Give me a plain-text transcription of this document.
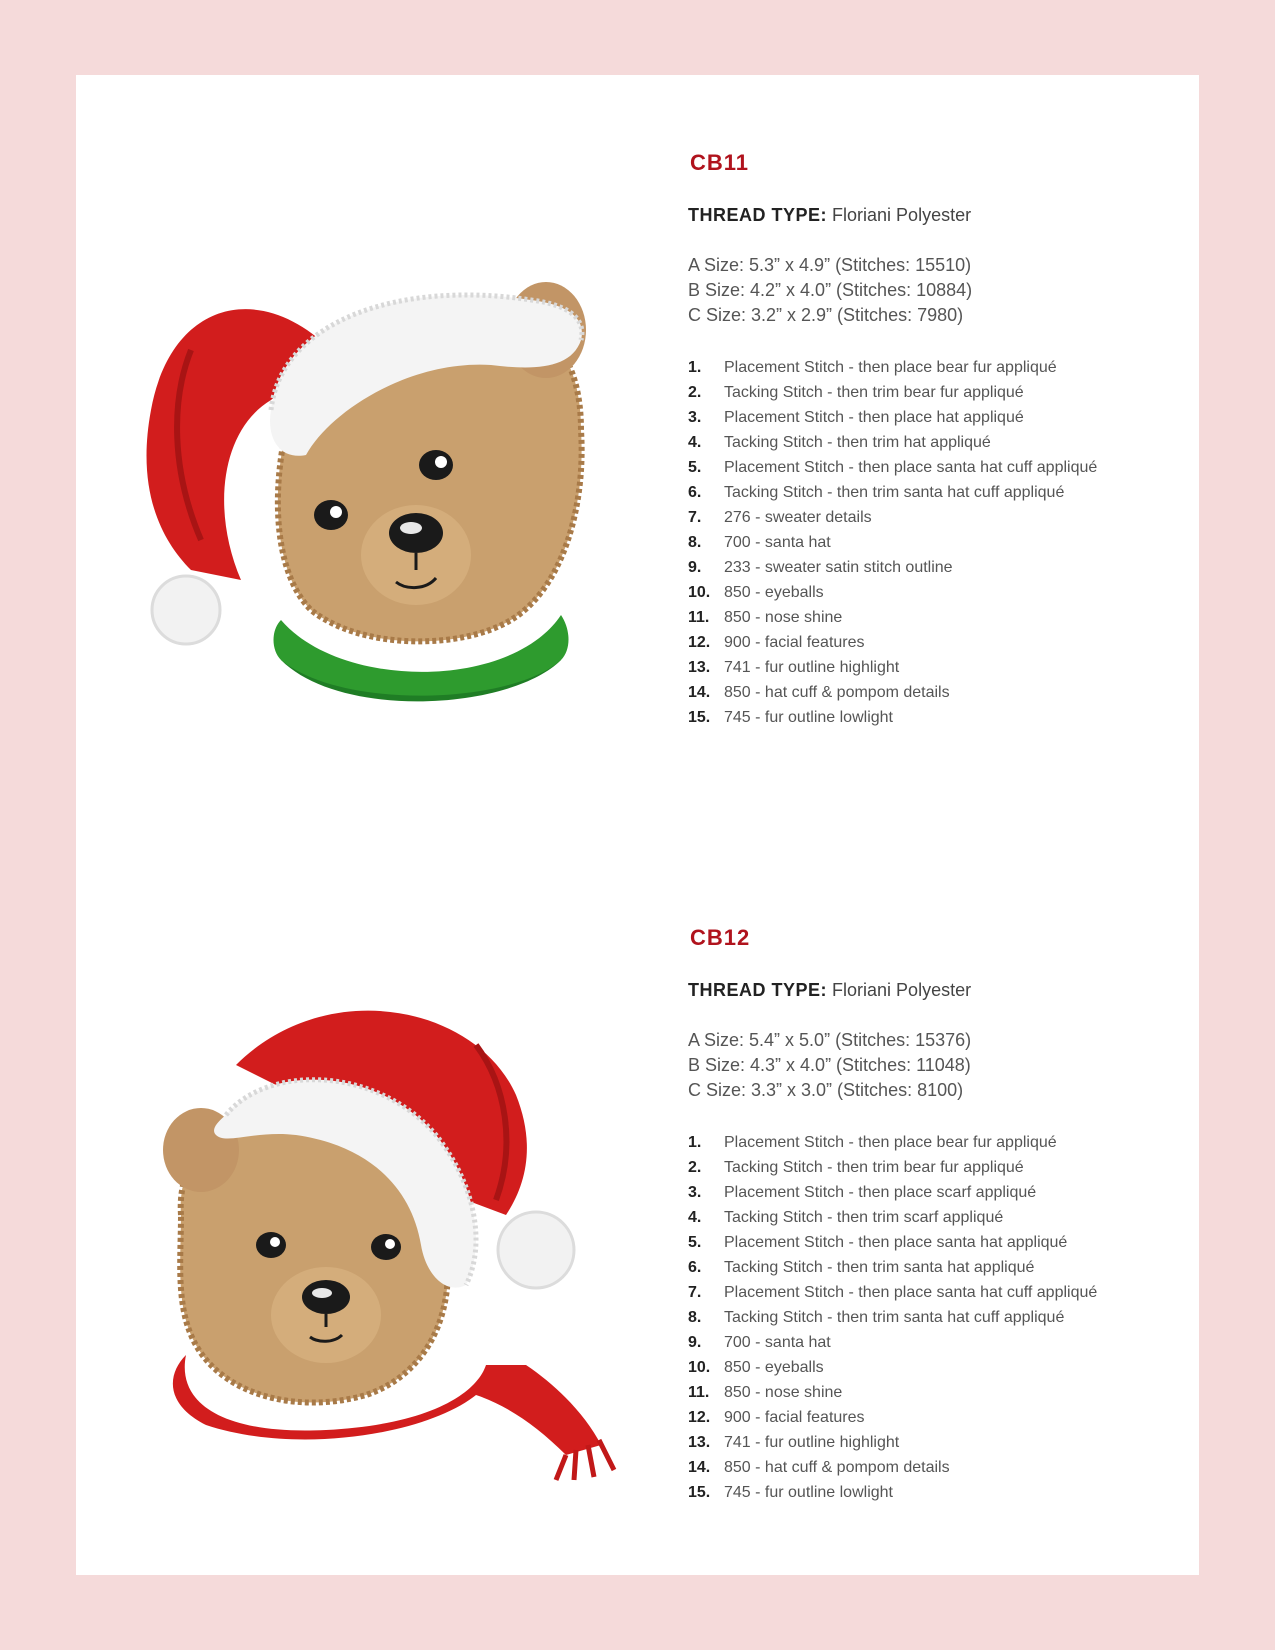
CB11
THREAD TYPE: Floriani Polyester
A Size: 5.3” x 4.9” (Stitches: 15510)
B Size: 4.2” x 4.0” (Stitches: 10884)
C Size: 3.2” x 2.9” (Stitches: 7980)
1.	Placement Stitch - then place bear fur appliqué
2.	Tacking Stitch - then trim bear fur appliqué
3.	Placement Stitch - then place hat appliqué
4.	Tacking Stitch - then trim hat appliqué
5.	Placement Stitch - then place santa hat cuff appliqué
6.	Tacking Stitch - then trim santa hat cuff appliqué
7.	276 - sweater details
8.	700 - santa hat
9.	233 - sweater satin stitch outline
10. 850 - eyeballs
11. 850 - nose shine
12. 900 - facial features
13. 741 - fur outline highlight
14. 850 - hat cuff & pompom details
15. 745 - fur outline lowlight
CB12
THREAD TYPE: Floriani Polyester
A Size: 5.4” x 5.0” (Stitches: 15376)
B Size: 4.3” x 4.0” (Stitches: 11048)
C Size: 3.3” x 3.0” (Stitches: 8100)
1.	Placement Stitch - then place bear fur appliqué
2.	Tacking Stitch - then trim bear fur appliqué
3.	Placement Stitch - then place scarf appliqué
4.	Tacking Stitch - then trim scarf appliqué
5.	Placement Stitch - then place santa hat appliqué
6.	Tacking Stitch - then trim santa hat appliqué
7.	Placement Stitch - then place santa hat cuff appliqué
8.	Tacking Stitch - then trim santa hat cuff appliqué
9.	700 - santa hat
10. 850 - eyeballs
11. 850 - nose shine
12. 900 - facial features
13. 741 - fur outline highlight
14. 850 - hat cuff & pompom details
15. 745 - fur outline lowlight
